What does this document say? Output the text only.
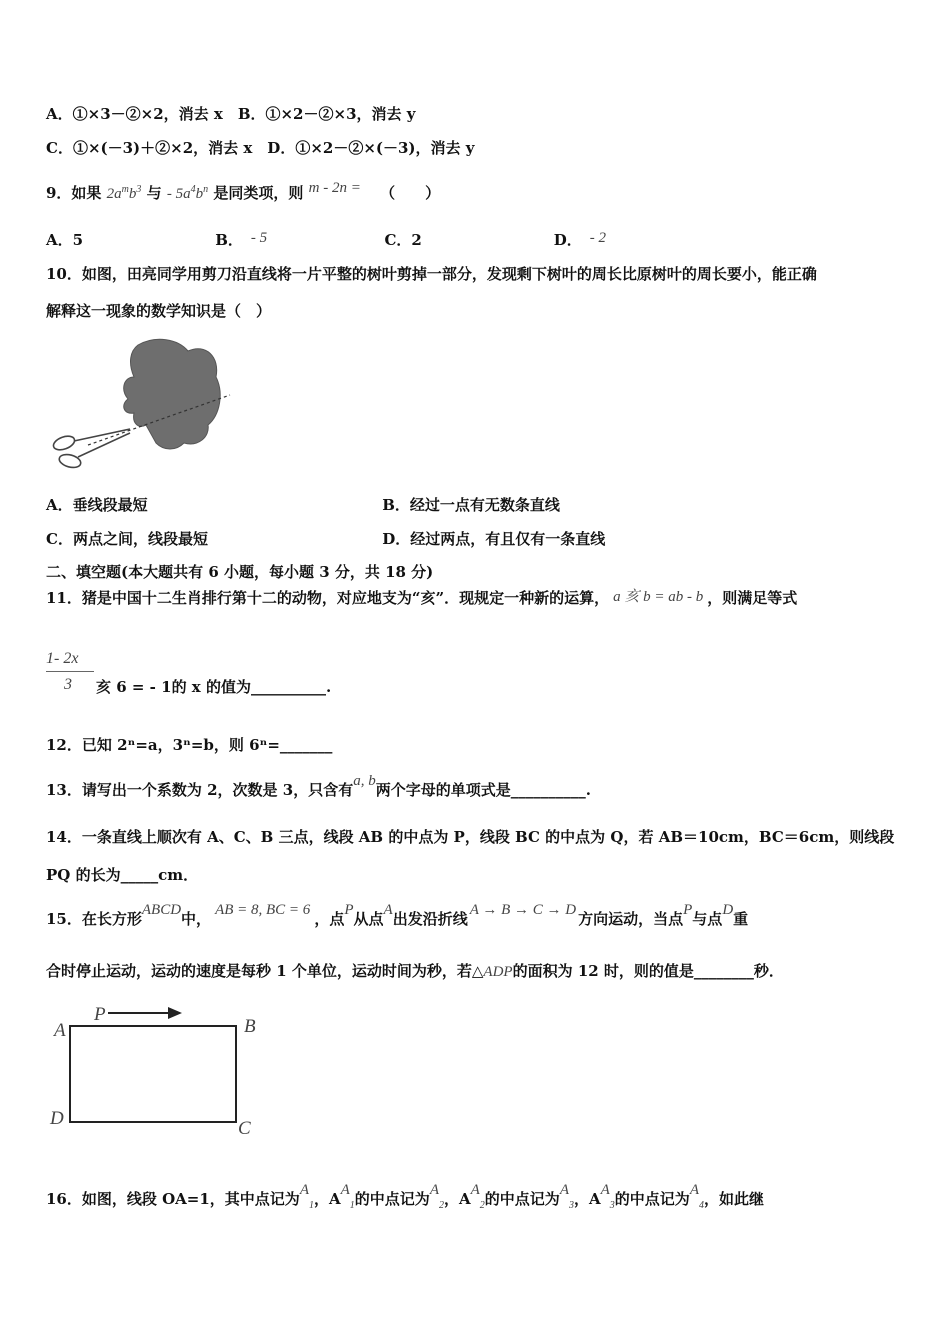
A．①×3－②×2，消去 x　B．①×2－②×3，消去 y
C．①×(－3)＋②×2，消去 x　D．①×2－②×(－3)，消去 y
9．如果 $2a^mb^3$ 与 - $5a^4b^n$ 是同类项，则 m - 2n = （　　）
A．5	B． - 5	C．2	D． - 2
10．如图，田亮同学用剪刀沿直线将一片平整的树叶剪掉一部分，发现剩下树叶的周长比原树叶的周长要小，能正确
解释这一现象的数学知识是（　）
A．垂线段最短	B．经过一点有无数条直线
C．两点之间，线段最短	D．经过两点，有且仅有一条直线
二、填空题(本大题共有 6 小题，每小题 3 分，共 18 分)
11．猪是中国十二生肖排行第十二的动物，对应地支为“亥”．现规定一种新的运算， a 亥 b = ab - b ，则满足等式
1- 2x
3 亥 6 = - 1的 x 的值为__________.
12．已知 2ⁿ=a，3ⁿ=b，则 6ⁿ=_______
13．请写出一个系数为 2，次数是 3，只含有a, b两个字母的单项式是__________.
14．一条直线上顺次有 A、C、B 三点，线段 AB 的中点为 P，线段 BC 的中点为 Q，若 AB＝10cm，BC＝6cm，则线段
PQ 的长为_____cm．
15．在长方形ABCD中， AB = 8, BC = 6 ，点P从点A出发沿折线 A → B → C → D 方向运动，当点P与点D重
合时停止运动，运动的速度是每秒 1 个单位，运动时间为秒，若△ADP的面积为 12 时，则的值是________秒．
P
A	B
C
D
16．如图，线段 OA=1，其中点记为$A_1$，$AA_1$的中点记为$A_2$，$AA_2$的中点记为$A_3$，$AA_3$的中点记为$A_4$，如此继
